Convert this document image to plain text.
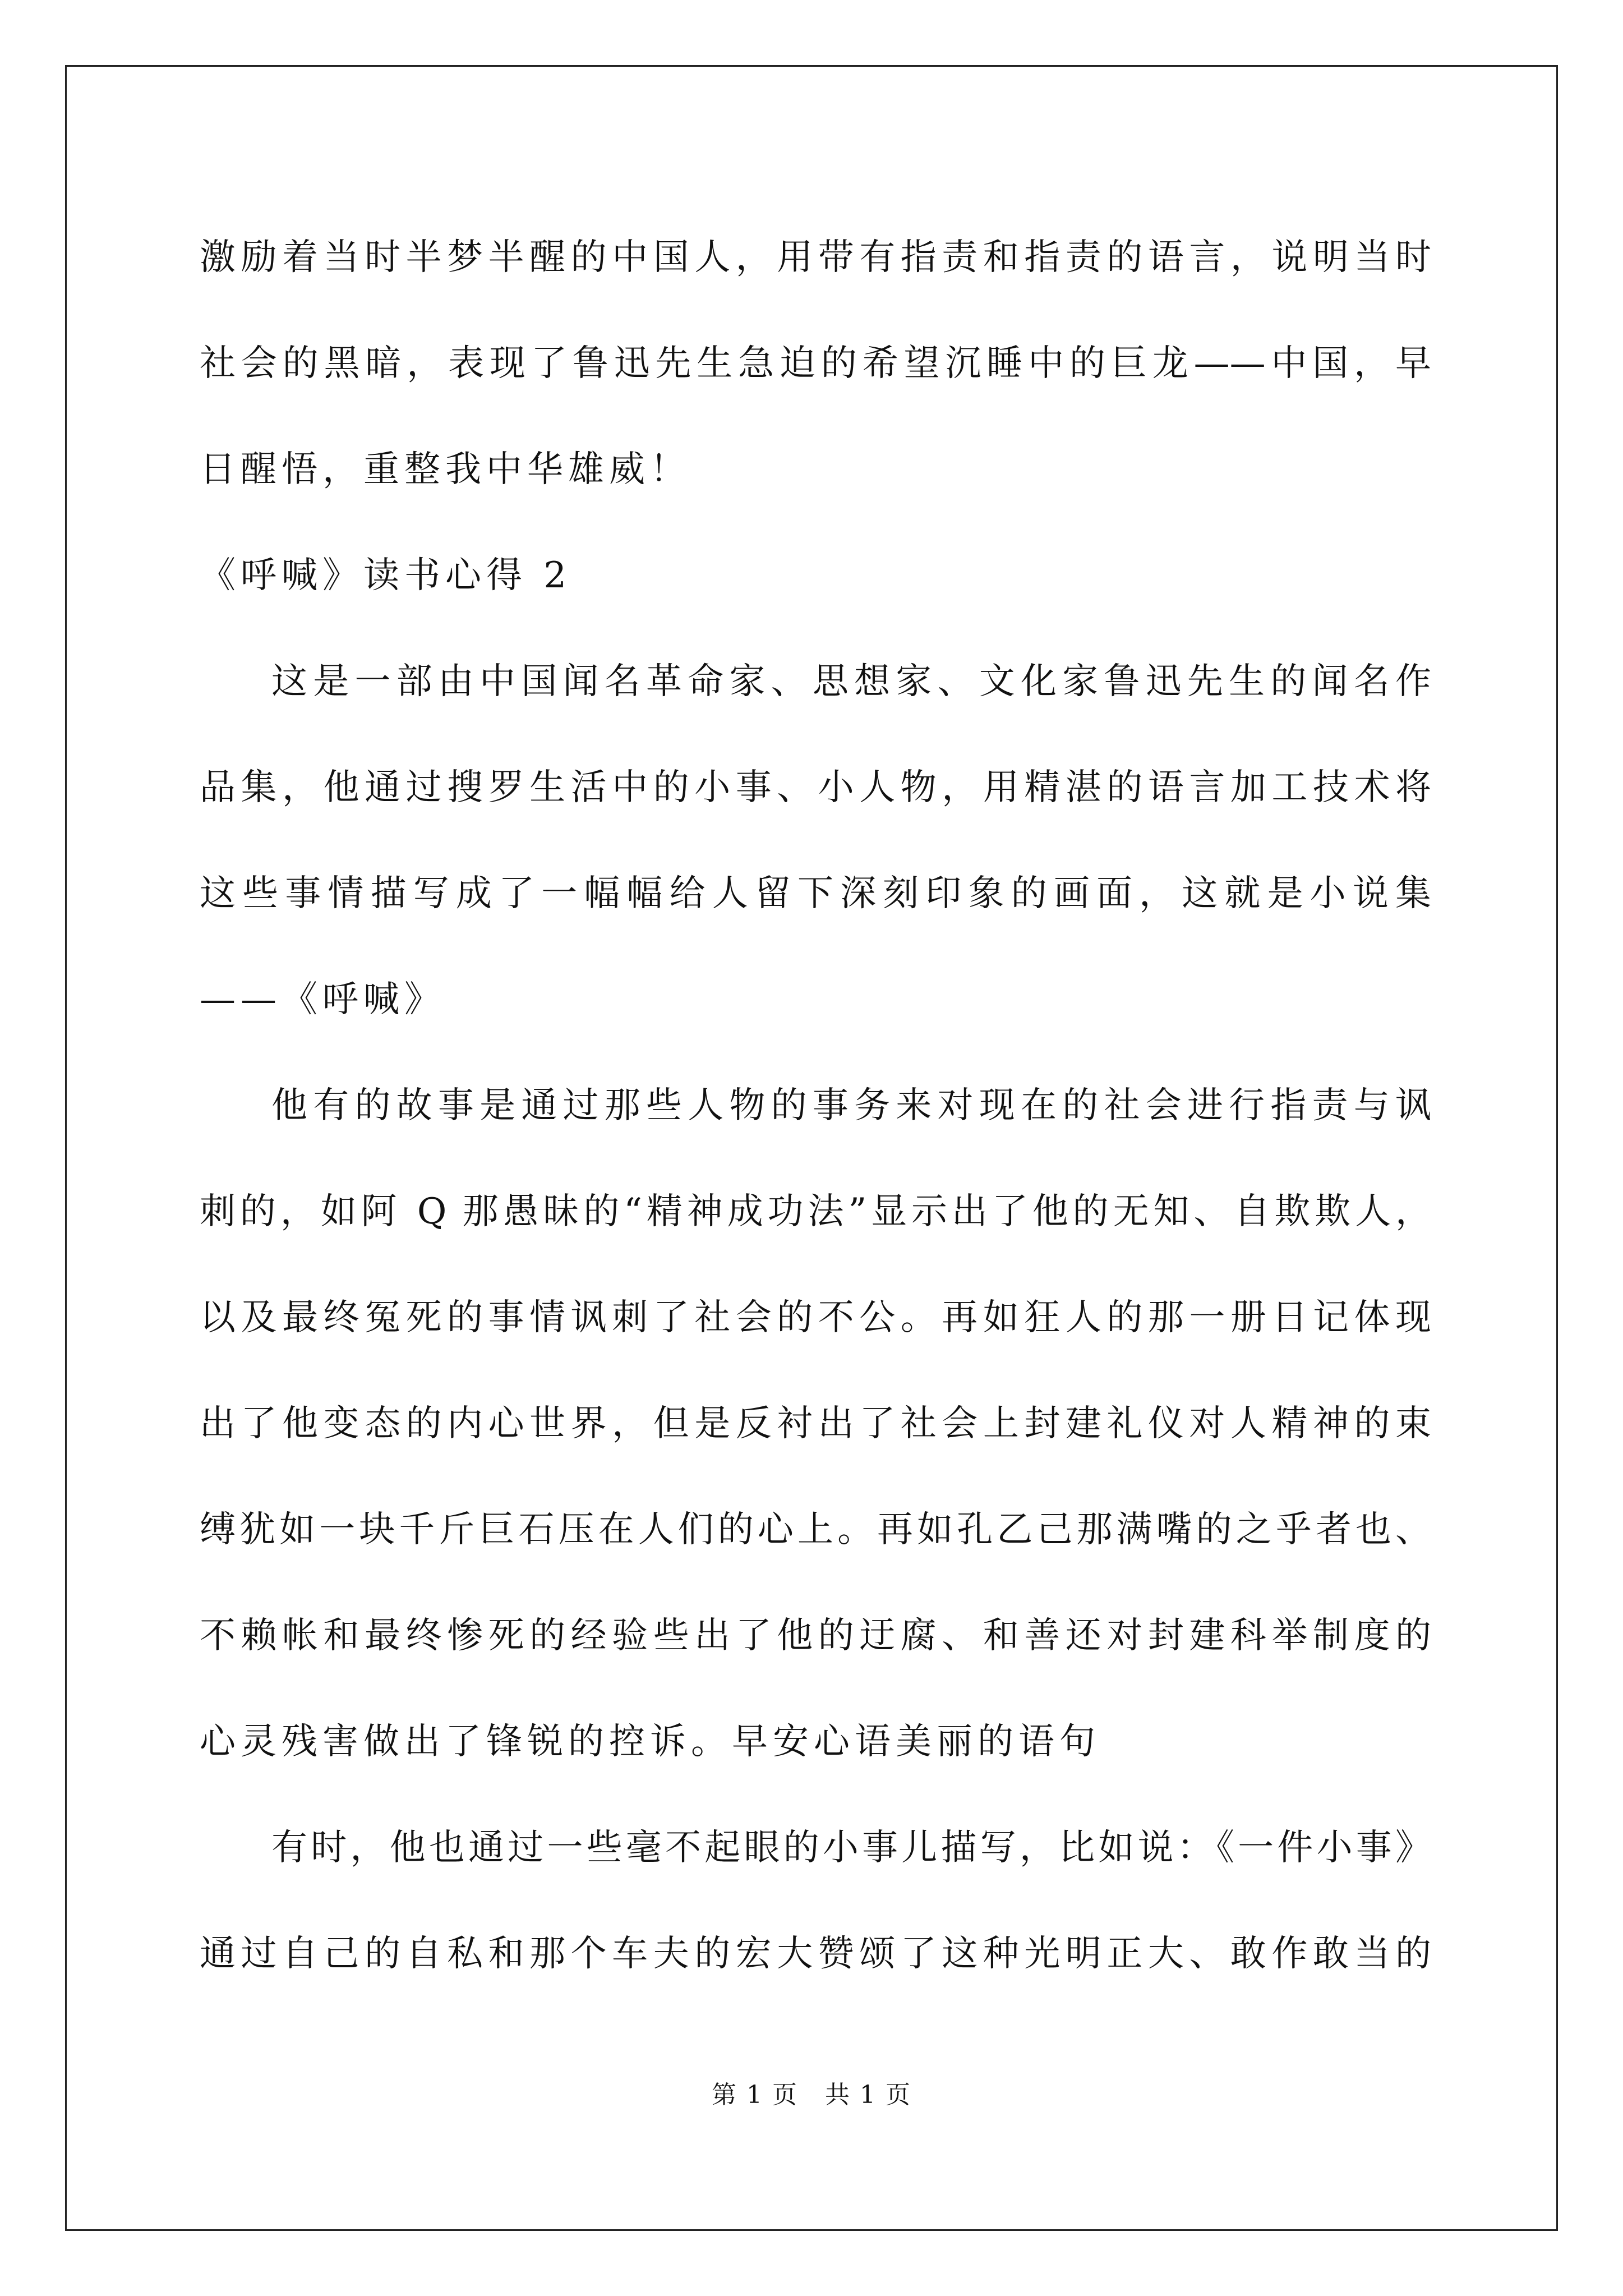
激励着当时半梦半醒的中国人，用带有指责和指责的语言，说明当时
社会的黑暗，表现了鲁迅先生急迫的希望沉睡中的巨龙——中国，早
日醒悟，重整我中华雄威！
《呼喊》读书心得 2
这是一部由中国闻名革命家、思想家、文化家鲁迅先生的闻名作
品集，他通过搜罗生活中的小事、小人物，用精湛的语言加工技术将
这些事情描写成了一幅幅给人留下深刻印象的画面，这就是小说集
——《呼喊》
他有的故事是通过那些人物的事务来对现在的社会进行指责与讽
刺的，如阿 Q 那愚昧的“精神成功法”显示出了他的无知、自欺欺人，
以及最终冤死的事情讽刺了社会的不公。再如狂人的那一册日记体现
出了他变态的内心世界，但是反衬出了社会上封建礼仪对人精神的束
缚犹如一块千斤巨石压在人们的心上。再如孔乙己那满嘴的之乎者也、
不赖帐和最终惨死的经验些出了他的迂腐、和善还对封建科举制度的
心灵残害做出了锋锐的控诉。早安心语美丽的语句
有时，他也通过一些毫不起眼的小事儿描写，比如说：《一件小事》
通过自己的自私和那个车夫的宏大赞颂了这种光明正大、敢作敢当的
第 1 页 共 1 页
